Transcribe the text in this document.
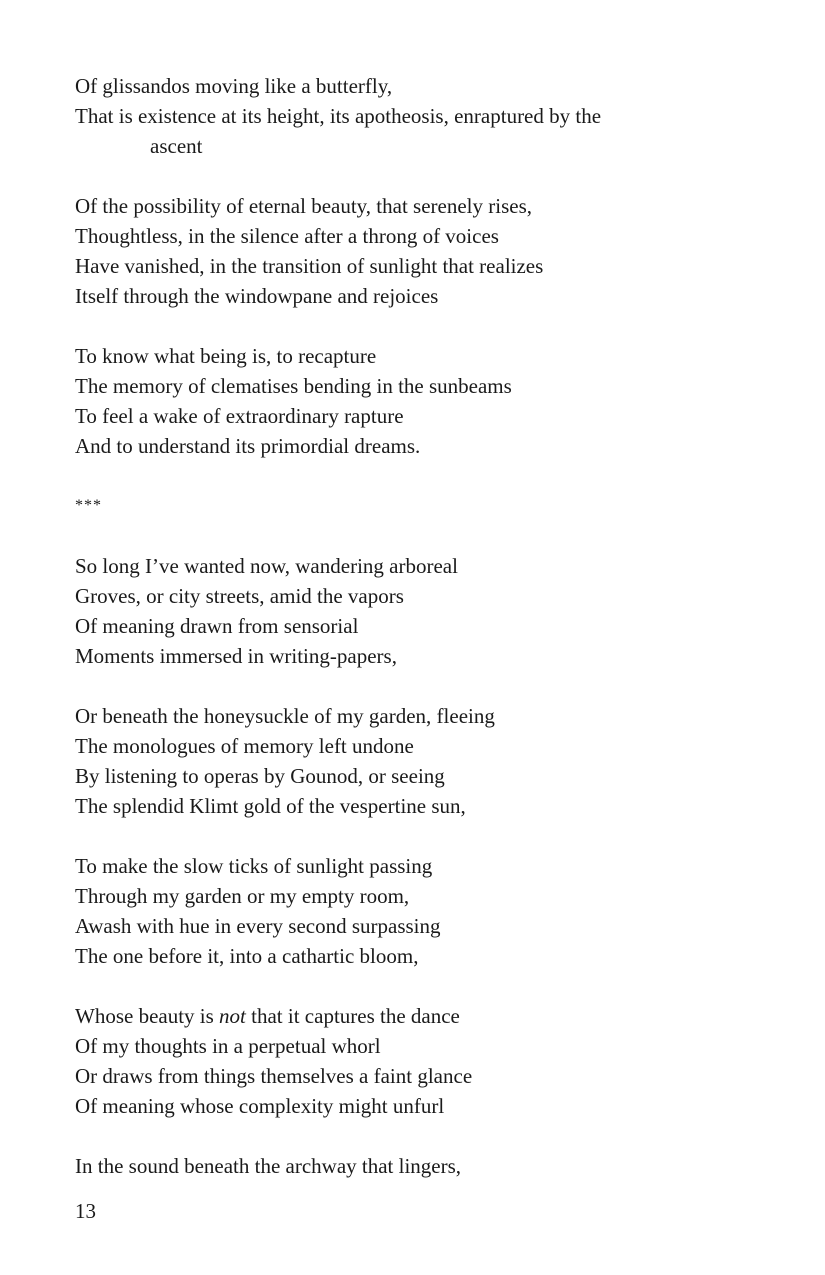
Of glissandos moving like a butterfly,
That is existence at its height, its apotheosis, enraptured by the
ascent
Of the possibility of eternal beauty, that serenely rises,
Thoughtless, in the silence after a throng of voices
Have vanished, in the transition of sunlight that realizes
Itself through the windowpane and rejoices
To know what being is, to recapture
The memory of clematises bending in the sunbeams
To feel a wake of extraordinary rapture
And to understand its primordial dreams.
***
So long I’ve wanted now, wandering arboreal
Groves, or city streets, amid the vapors
Of meaning drawn from sensorial
Moments immersed in writing-papers,
Or beneath the honeysuckle of my garden, fleeing
The monologues of memory left undone
By listening to operas by Gounod, or seeing
The splendid Klimt gold of the vespertine sun,
To make the slow ticks of sunlight passing
Through my garden or my empty room,
Awash with hue in every second surpassing
The one before it, into a cathartic bloom,
Whose beauty is not that it captures the dance
Of my thoughts in a perpetual whorl
Or draws from things themselves a faint glance
Of meaning whose complexity might unfurl
In the sound beneath the archway that lingers,
13
